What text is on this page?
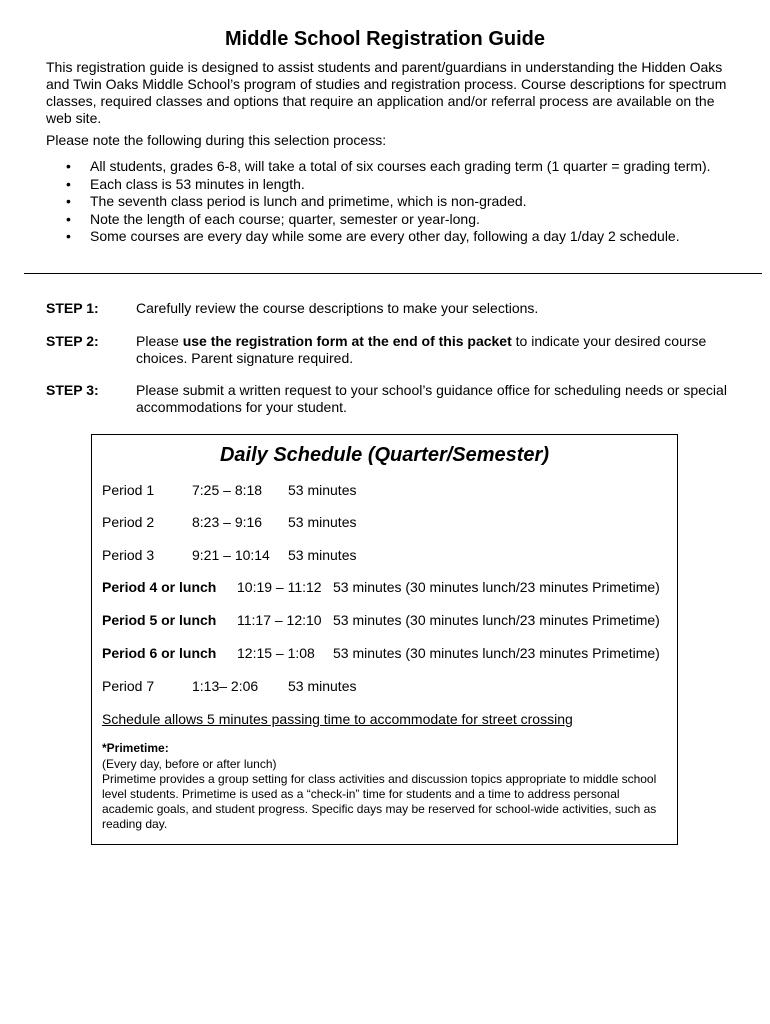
Middle School Registration Guide
This registration guide is designed to assist students and parent/guardians in understanding the Hidden Oaks and Twin Oaks Middle School’s program of studies and registration process. Course descriptions for spectrum classes, required classes and options that require an application and/or referral process are available on the web site.
Please note the following during this selection process:
• All students, grades 6-8, will take a total of six courses each grading term (1 quarter = grading term).
• Each class is 53 minutes in length.
• The seventh class period is lunch and primetime, which is non-graded.
• Note the length of each course; quarter, semester or year-long.
• Some courses are every day while some are every other day, following a day 1/day 2 schedule.
STEP 1:	Carefully review the course descriptions to make your selections.
STEP 2:	Please use the registration form at the end of this packet to indicate your desired course choices. Parent signature required.
STEP 3:	Please submit a written request to your school’s guidance office for scheduling needs or special accommodations for your student.
Daily Schedule (Quarter/Semester)
Period 1	7:25 – 8:18 53 minutes
Period 2	8:23 – 9:16 53 minutes
Period 3	9:21 – 10:14 53 minutes
Period 4 or lunch 10:19 – 11:12 53 minutes (30 minutes lunch/23 minutes Primetime)
Period 5 or lunch 11:17 – 12:10 53 minutes (30 minutes lunch/23 minutes Primetime)
Period 6 or lunch 12:15 – 1:08 53 minutes (30 minutes lunch/23 minutes Primetime)
Period 7	1:13– 2:06 53 minutes
Schedule allows 5 minutes passing time to accommodate for street crossing
*Primetime:
(Every day, before or after lunch)
Primetime provides a group setting for class activities and discussion topics appropriate to middle school level students. Primetime is used as a “check-in” time for students and a time to address personal academic goals, and student progress. Specific days may be reserved for school-wide activities, such as reading day.
